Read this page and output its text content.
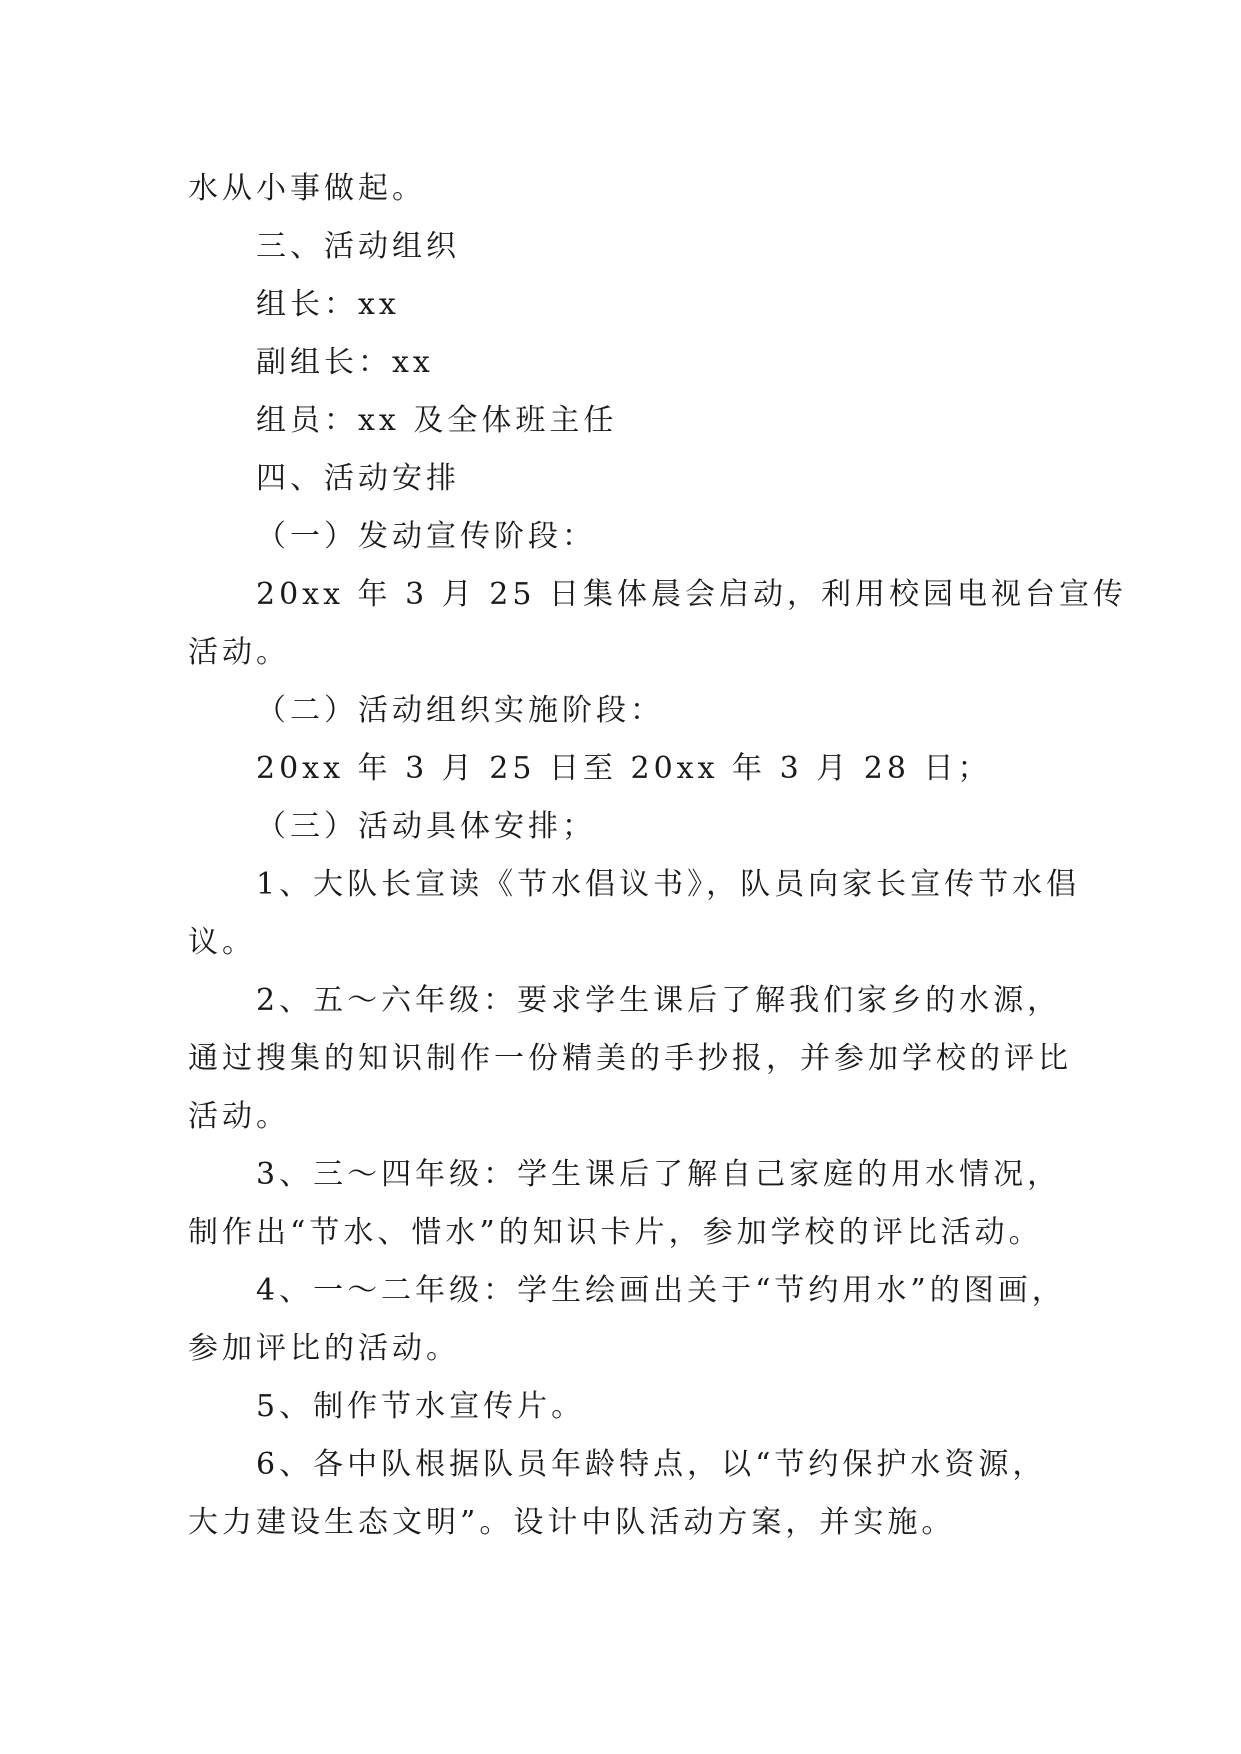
水从小事做起。
三、活动组织
组长：xx
副组长：xx
组员：xx 及全体班主任
四、活动安排
（一）发动宣传阶段：
20xx 年 3 月 25 日集体晨会启动，利用校园电视台宣传
活动。
（二）活动组织实施阶段：
20xx 年 3 月 25 日至 20xx 年 3 月 28 日；
（三）活动具体安排；
1、大队长宣读《节水倡议书》，队员向家长宣传节水倡
议。
2、五～六年级：要求学生课后了解我们家乡的水源，
通过搜集的知识制作一份精美的手抄报，并参加学校的评比
活动。
3、三～四年级：学生课后了解自己家庭的用水情况，
制作出“节水、惜水”的知识卡片，参加学校的评比活动。
4、一～二年级：学生绘画出关于“节约用水”的图画，
参加评比的活动。
5、制作节水宣传片。
6、各中队根据队员年龄特点，以“节约保护水资源，
大力建设生态文明”。设计中队活动方案，并实施。
